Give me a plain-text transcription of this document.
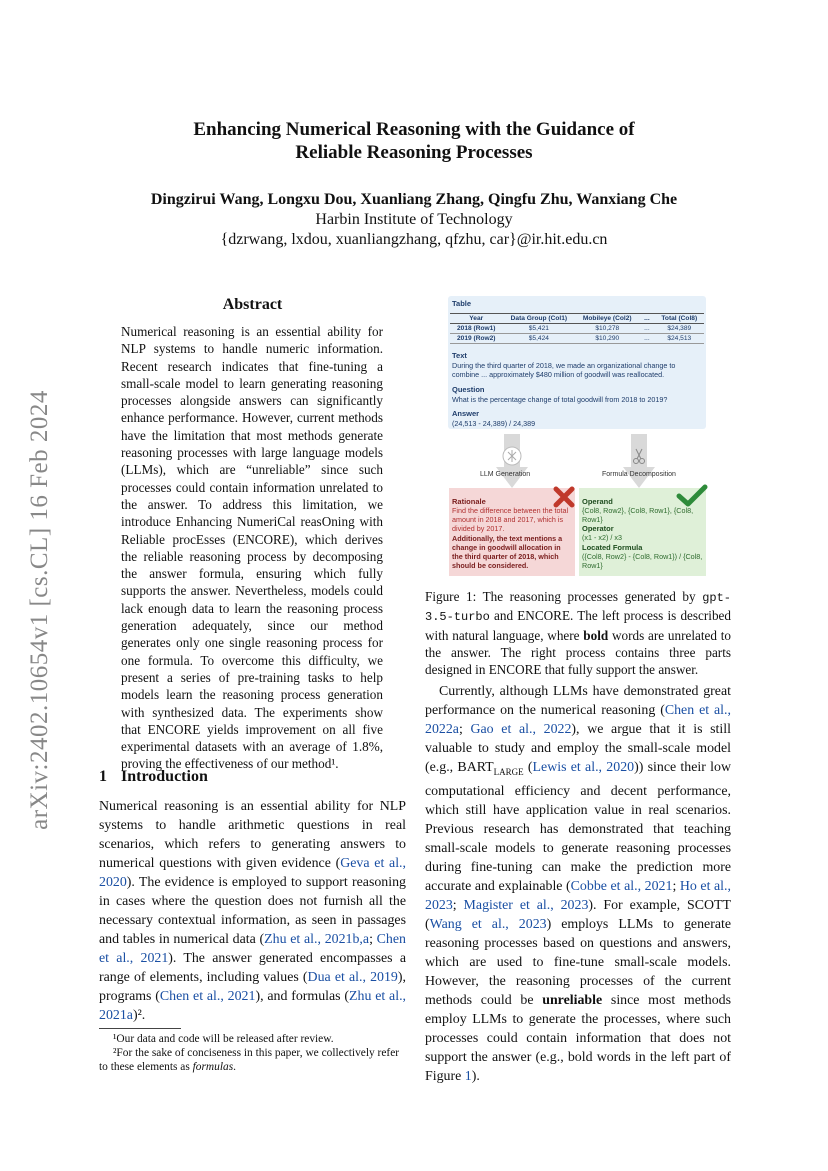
arXiv:2402.10654v1 [cs.CL] 16 Feb 2024
Enhancing Numerical Reasoning with the Guidance of
Reliable Reasoning Processes
Dingzirui Wang, Longxu Dou, Xuanliang Zhang, Qingfu Zhu, Wanxiang Che
Harbin Institute of Technology
{dzrwang, lxdou, xuanliangzhang, qfzhu, car}@ir.hit.edu.cn
Abstract
Numerical reasoning is an essential ability for NLP systems to handle numeric information. Recent research indicates that fine-tuning a small-scale model to learn generating reasoning processes alongside answers can significantly enhance performance. However, current methods have the limitation that most methods generate reasoning processes with large language models (LLMs), which are “unreliable” since such processes could contain information unrelated to the answer. To address this limitation, we introduce Enhancing NumeriCal reasOning with Reliable procEsses (ENCORE), which derives the reliable reasoning process by decomposing the answer formula, ensuring which fully supports the answer. Nevertheless, models could lack enough data to learn the reasoning process generation adequately, since our method generates only one single reasoning process for one formula. To overcome this difficulty, we present a series of pre-training tasks to help models learn the reasoning process generation with synthesized data. The experiments show that ENCORE yields improvement on all five experimental datasets with an average of 1.8%, proving the effectiveness of our method¹.
1 Introduction
Numerical reasoning is an essential ability for NLP systems to handle arithmetic questions in real scenarios, which refers to generating answers to numerical questions with given evidence (Geva et al., 2020). The evidence is employed to support reasoning in cases where the question does not furnish all the necessary contextual information, as seen in passages and tables in numerical data (Zhu et al., 2021b,a; Chen et al., 2021). The answer generated encompasses a range of elements, including values (Dua et al., 2019), programs (Chen et al., 2021), and formulas (Zhu et al., 2021a)².
¹Our data and code will be released after review.
²For the sake of conciseness in this paper, we collectively refer to these elements as formulas.
Table
Year	Data Group (Col1)	Mobileye (Col2)	...	Total (Col8)
2018 (Row1)	$5,421	$10,278	...	$24,389
2019 (Row2)	$5,424	$10,290	...	$24,513
Text
During the third quarter of 2018, we made an organizational change to combine ... approximately $480 million of goodwill was reallocated.
Question
What is the percentage change of total goodwill from 2018 to 2019?
Answer
(24,513 - 24,389) / 24,389
LLM Generation	Formula Decomposition
Rationale
Find the difference between the total amount in 2018 and 2017, which is divided by 2017.
Additionally, the text mentions a change in goodwill allocation in the third quarter of 2018, which should be considered.
Operand
{Col8, Row2}, {Col8, Row1}, {Col8, Row1}
Operator
(x1 - x2) / x3
Located Formula
({Col8, Row2} - {Col8, Row1}) / {Col8, Row1}
Figure 1: The reasoning processes generated by gpt-3.5-turbo and ENCORE. The left process is described with natural language, where bold words are unrelated to the answer. The right process contains three parts designed in ENCORE that fully support the answer.
Currently, although LLMs have demonstrated great performance on the numerical reasoning (Chen et al., 2022a; Gao et al., 2022), we argue that it is still valuable to study and employ the small-scale model (e.g., $BART_{LARGE}$ (Lewis et al., 2020)) since their low computational efficiency and decent performance, which still have application value in real scenarios. Previous research has demonstrated that teaching small-scale models to generate reasoning processes during fine-tuning can make the prediction more accurate and explainable (Cobbe et al., 2021; Ho et al., 2023; Magister et al., 2023). For example, SCOTT (Wang et al., 2023) employs LLMs to generate reasoning processes based on questions and answers, which are used to fine-tune small-scale models. However, the reasoning processes of the current methods could be unreliable since most methods employ LLMs to generate the processes, where such processes could contain information that does not support the answer (e.g., bold words in the left part of Figure 1).
